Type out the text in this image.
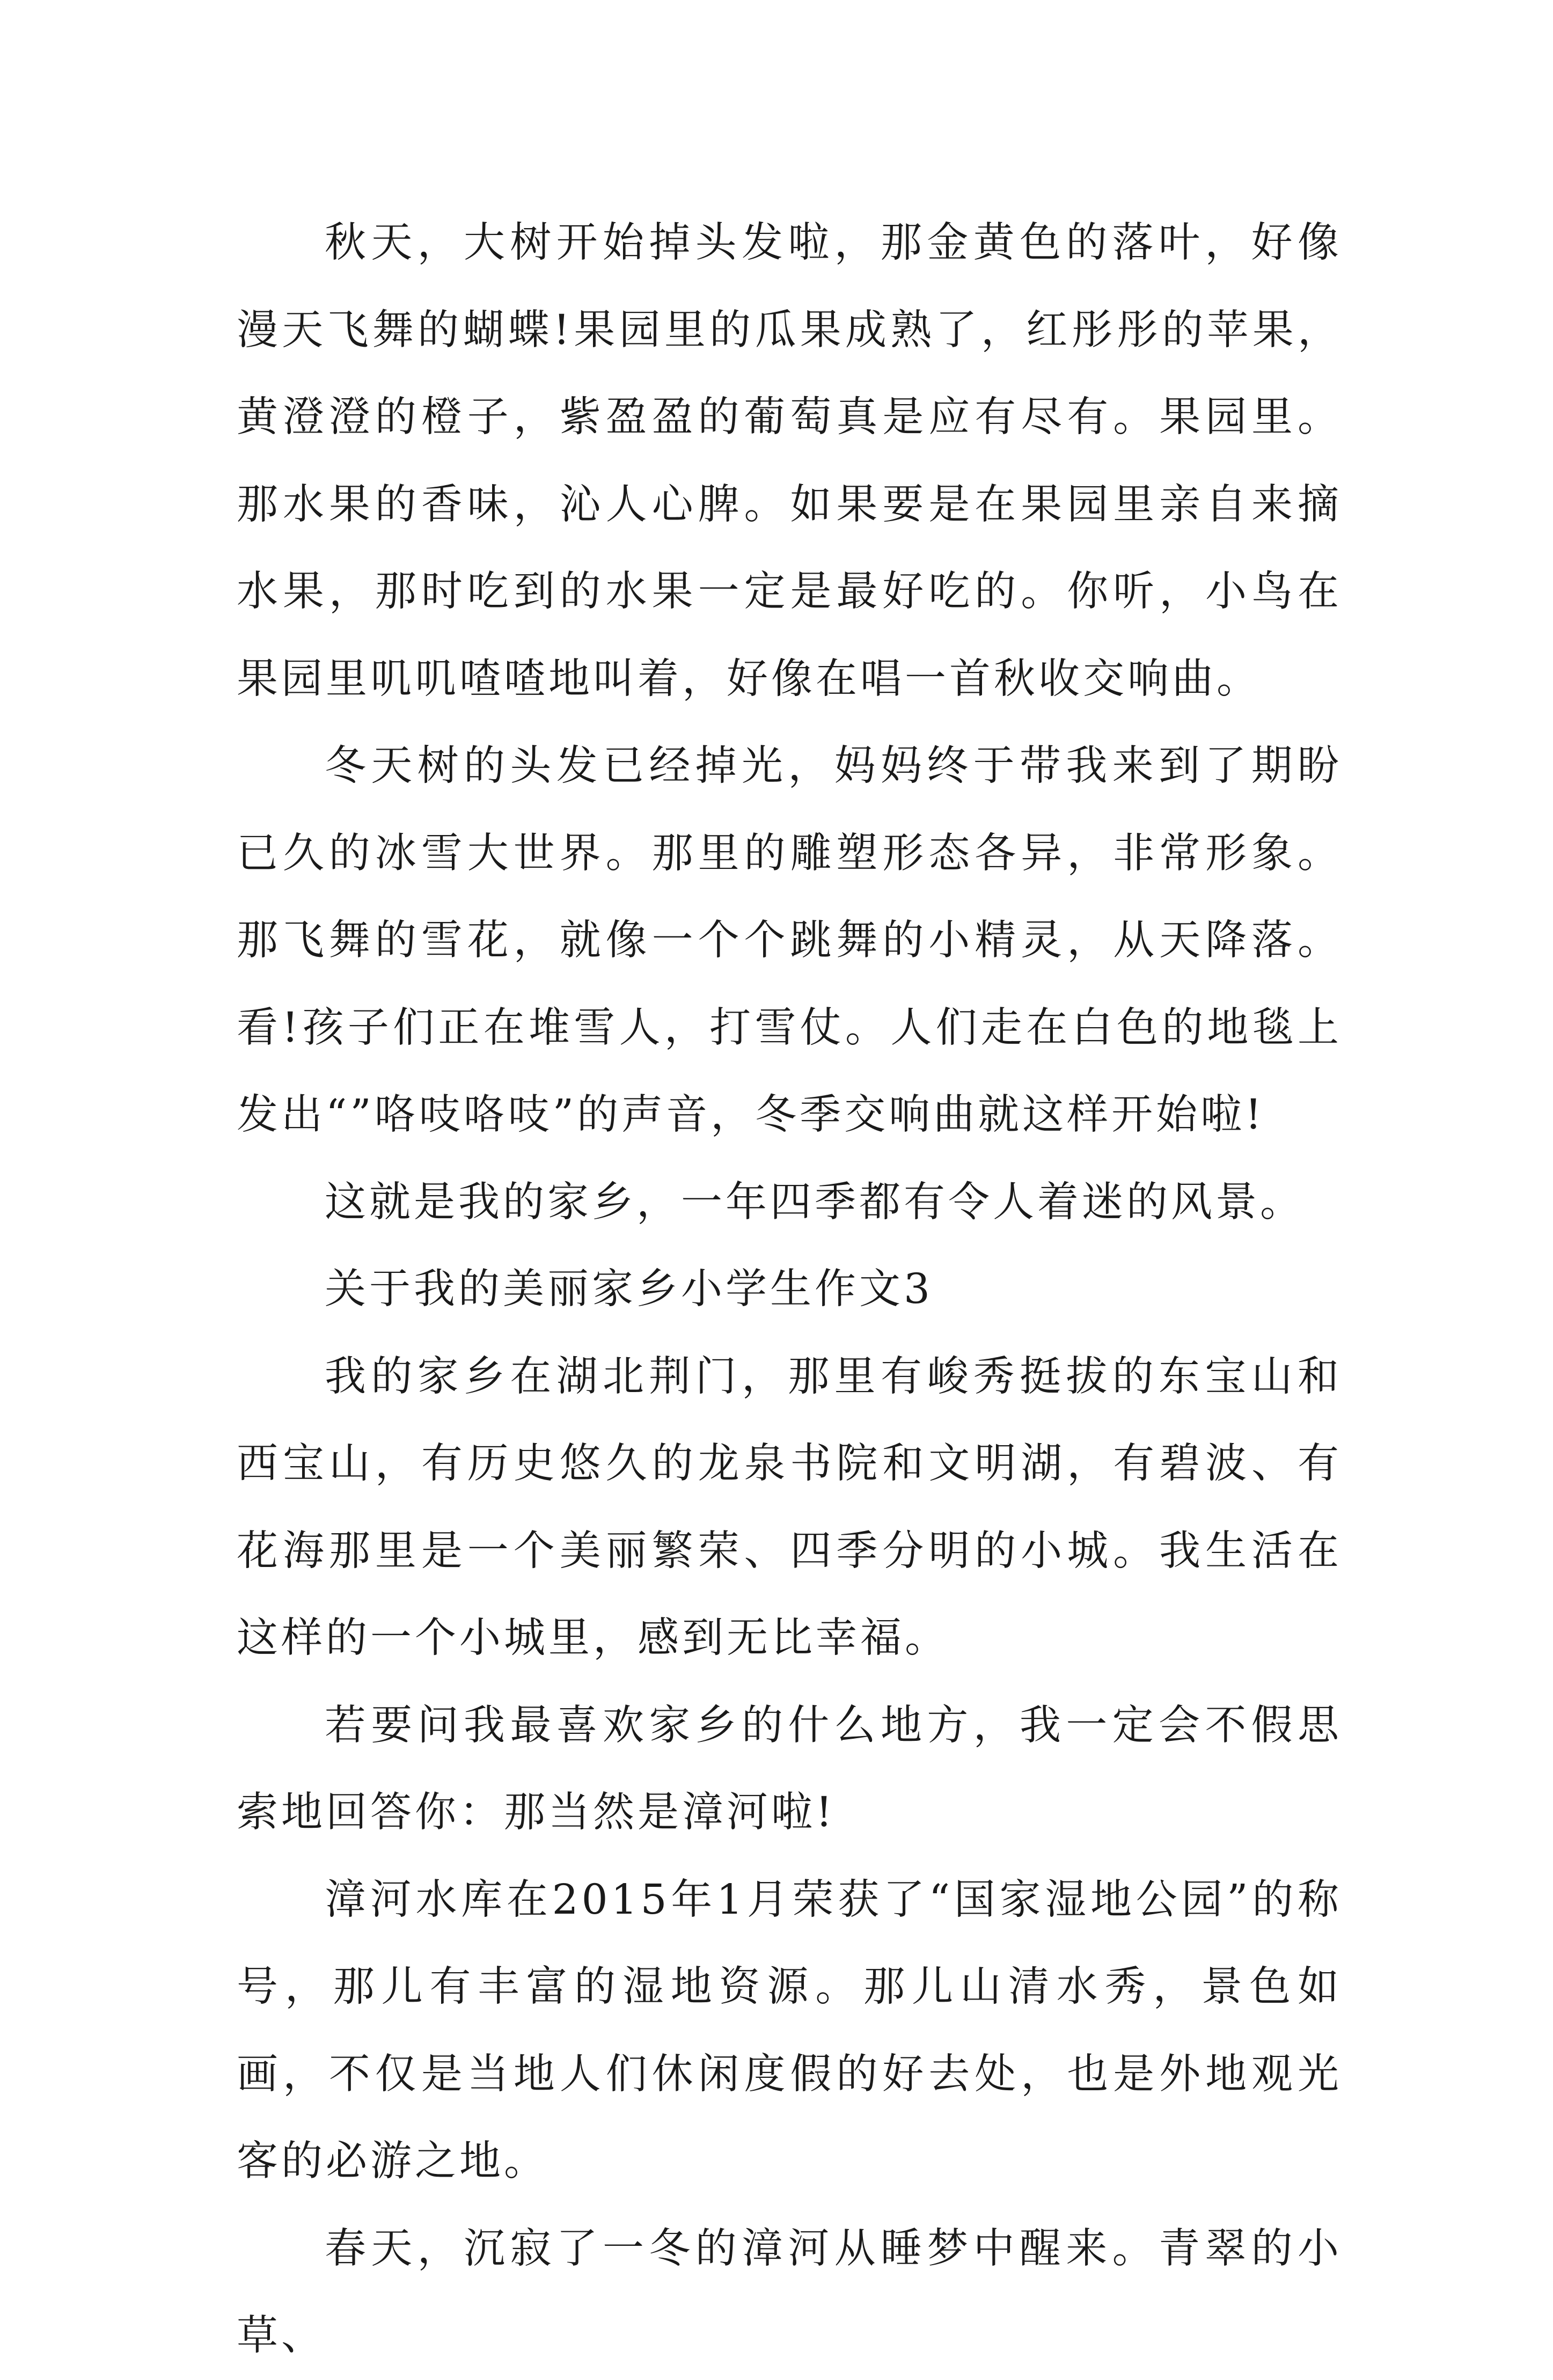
秋天，大树开始掉头发啦，那金黄色的落叶，好像漫天飞舞的蝴蝶!果园里的瓜果成熟了，红彤彤的苹果，黄澄澄的橙子，紫盈盈的葡萄真是应有尽有。果园里。那水果的香味，沁人心脾。如果要是在果园里亲自来摘水果，那时吃到的水果一定是最好吃的。你听，小鸟在果园里叽叽喳喳地叫着，好像在唱一首秋收交响曲。

冬天树的头发已经掉光，妈妈终于带我来到了期盼已久的冰雪大世界。那里的雕塑形态各异，非常形象。那飞舞的雪花，就像一个个跳舞的小精灵，从天降落。看!孩子们正在堆雪人，打雪仗。人们走在白色的地毯上发出“”咯吱咯吱”的声音，冬季交响曲就这样开始啦!

这就是我的家乡，一年四季都有令人着迷的风景。

关于我的美丽家乡小学生作文3

我的家乡在湖北荆门，那里有峻秀挺拔的东宝山和西宝山，有历史悠久的龙泉书院和文明湖，有碧波、有花海那里是一个美丽繁荣、四季分明的小城。我生活在这样的一个小城里，感到无比幸福。

若要问我最喜欢家乡的什么地方，我一定会不假思索地回答你：那当然是漳河啦!

漳河水库在2015年1月荣获了“国家湿地公园”的称号，那儿有丰富的湿地资源。那儿山清水秀，景色如画，不仅是当地人们休闲度假的好去处，也是外地观光客的必游之地。

春天，沉寂了一冬的漳河从睡梦中醒来。青翠的小草、
